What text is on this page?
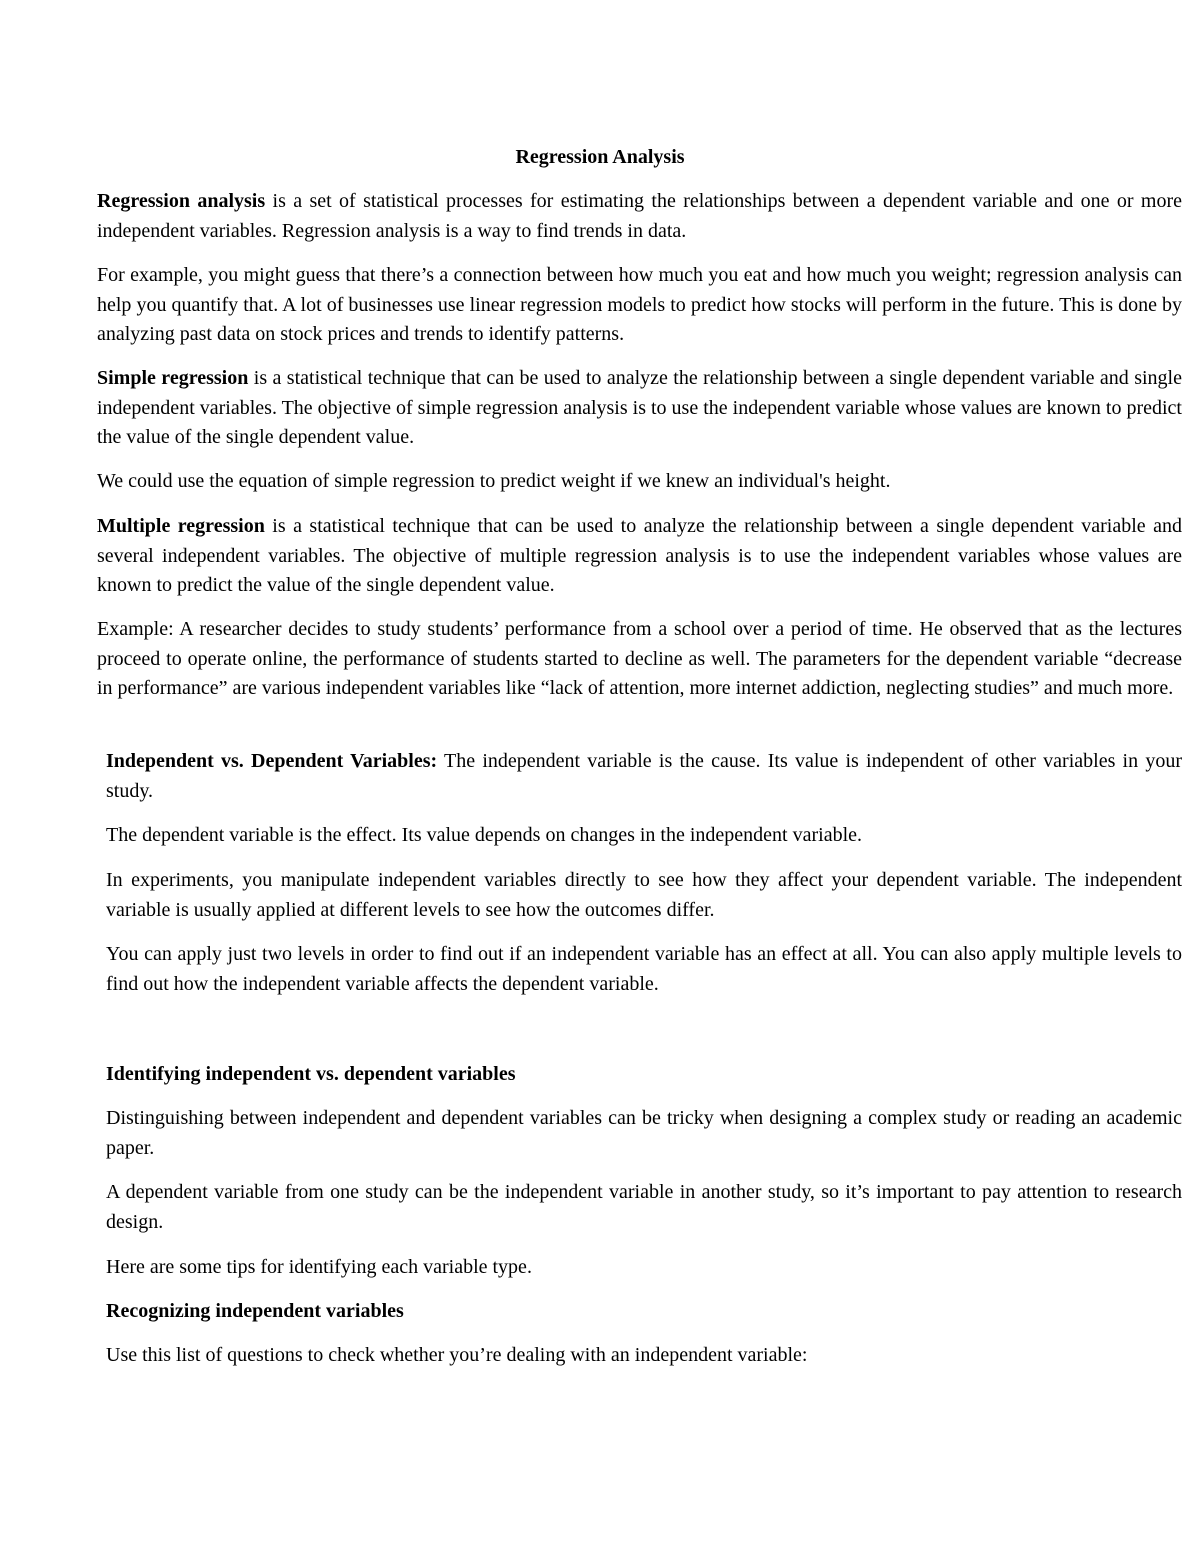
Regression Analysis

Regression analysis is a set of statistical processes for estimating the relationships between a dependent variable and one or more independent variables. Regression analysis is a way to find trends in data.

For example, you might guess that there’s a connection between how much you eat and how much you weight; regression analysis can help you quantify that. A lot of businesses use linear regression models to predict how stocks will perform in the future. This is done by analyzing past data on stock prices and trends to identify patterns.

Simple regression is a statistical technique that can be used to analyze the relationship between a single dependent variable and single independent variables. The objective of simple regression analysis is to use the independent variable whose values are known to predict the value of the single dependent value.

We could use the equation of simple regression to predict weight if we knew an individual's height.

Multiple regression is a statistical technique that can be used to analyze the relationship between a single dependent variable and several independent variables. The objective of multiple regression analysis is to use the independent variables whose values are known to predict the value of the single dependent value.

Example: A researcher decides to study students’ performance from a school over a period of time. He observed that as the lectures proceed to operate online, the performance of students started to decline as well. The parameters for the dependent variable “decrease in performance” are various independent variables like “lack of attention, more internet addiction, neglecting studies” and much more.

Independent vs. Dependent Variables: The independent variable is the cause. Its value is independent of other variables in your study.

The dependent variable is the effect. Its value depends on changes in the independent variable.

In experiments, you manipulate independent variables directly to see how they affect your dependent variable. The independent variable is usually applied at different levels to see how the outcomes differ.

You can apply just two levels in order to find out if an independent variable has an effect at all. You can also apply multiple levels to find out how the independent variable affects the dependent variable.

Identifying independent vs. dependent variables

Distinguishing between independent and dependent variables can be tricky when designing a complex study or reading an academic paper.

A dependent variable from one study can be the independent variable in another study, so it’s important to pay attention to research design.

Here are some tips for identifying each variable type.

Recognizing independent variables

Use this list of questions to check whether you’re dealing with an independent variable:
